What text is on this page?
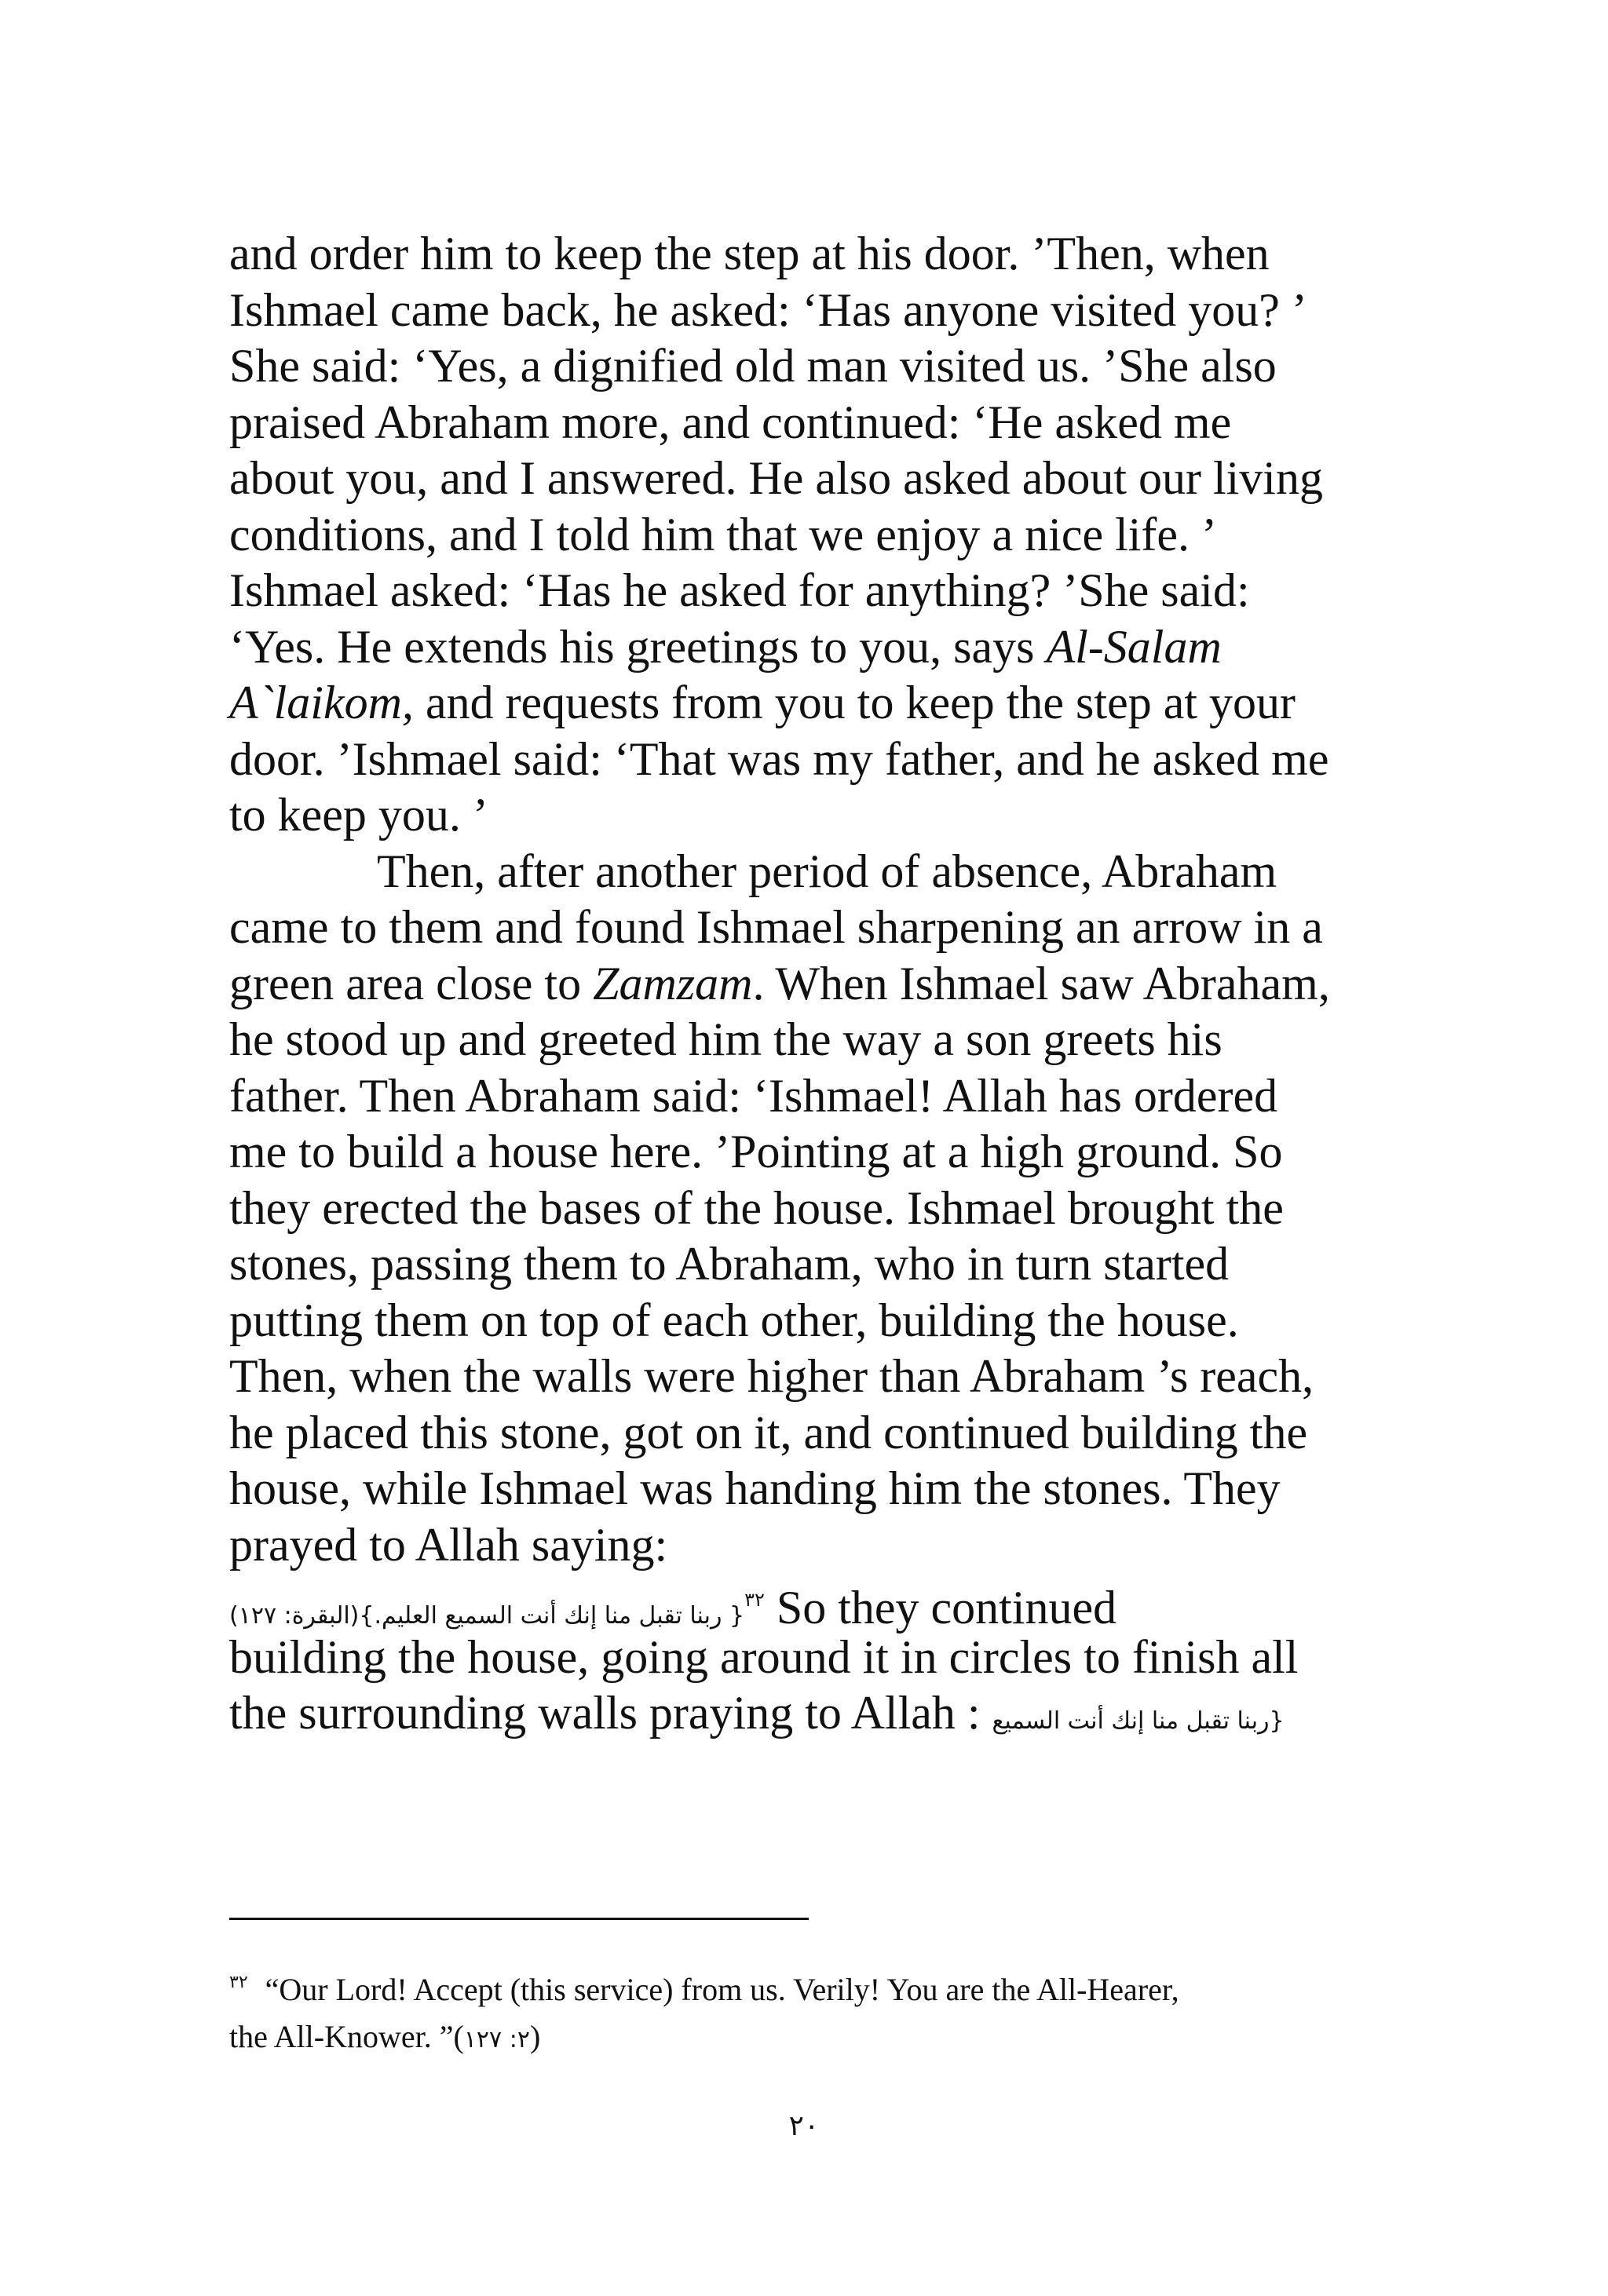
and order him to keep the step at his door. ’Then, when
Ishmael came back, he asked: ‘Has anyone visited you? ’
She said: ‘Yes, a dignified old man visited us. ’She also
praised Abraham more, and continued: ‘He asked me
about you, and I answered. He also asked about our living
conditions, and I told him that we enjoy a nice life. ’
Ishmael asked: ‘Has he asked for anything? ’She said:
‘Yes. He extends his greetings to you, says Al-Salam
A`laikom, and requests from you to keep the step at your
door. ’Ishmael said: ‘That was my father, and he asked me
to keep you. ’
Then, after another period of absence, Abraham
came to them and found Ishmael sharpening an arrow in a
green area close to Zamzam. When Ishmael saw Abraham,
he stood up and greeted him the way a son greets his
father. Then Abraham said: ‘Ishmael! Allah has ordered
me to build a house here. ’Pointing at a high ground. So
they erected the bases of the house. Ishmael brought the
stones, passing them to Abraham, who in turn started
putting them on top of each other, building the house.
Then, when the walls were higher than Abraham ’s reach,
he placed this stone, got on it, and continued building the
house, while Ishmael was handing him the stones. They
prayed to Allah saying:
{ ربنا تقبل منا إنك أنت السميع العليم.}(البقرة: ١٢٧)$^{٣٢}$ So they continued
building the house, going around it in circles to finish all
the surrounding walls praying to Allah : {ربنا تقبل منا إنك أنت السميع
$^{٣٢}$ “Our Lord! Accept (this service) from us. Verily! You are the All-Hearer,
the All-Knower. ”(٢: ١٢٧)
٢٠
